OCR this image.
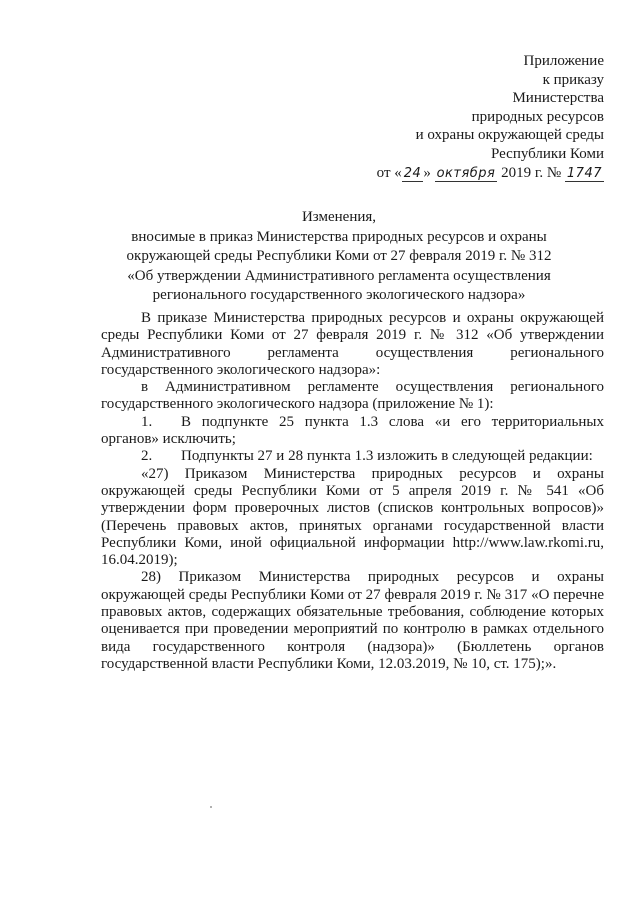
Приложение
к приказу
Министерства
природных ресурсов
и охраны окружающей среды
Республики Коми
от « 24 » октября 2019 г. № 1747
Изменения,
вносимые в приказ Министерства природных ресурсов и охраны
окружающей среды Республики Коми от 27 февраля 2019 г. № 312
«Об утверждении Административного регламента осуществления
регионального государственного экологического надзора»

В приказе Министерства природных ресурсов и охраны окружающей среды Республики Коми от 27 февраля 2019 г. № 312 «Об утверждении Административного регламента осуществления регионального государственного экологического надзора»:

в Административном регламенте осуществления регионального государственного экологического надзора (приложение № 1):

1. В подпункте 25 пункта 1.3 слова «и его территориальных органов» исключить;

2. Подпункты 27 и 28 пункта 1.3 изложить в следующей редакции:

«27) Приказом Министерства природных ресурсов и охраны окружающей среды Республики Коми от 5 апреля 2019 г. № 541 «Об утверждении форм проверочных листов (списков контрольных вопросов)» (Перечень правовых актов, принятых органами государственной власти Республики Коми, иной официальной информации http://www.law.rkomi.ru, 16.04.2019);

28) Приказом Министерства природных ресурсов и охраны окружающей среды Республики Коми от 27 февраля 2019 г. № 317 «О перечне правовых актов, содержащих обязательные требования, соблюдение которых оценивается при проведении мероприятий по контролю в рамках отдельного вида государственного контроля (надзора)» (Бюллетень органов государственной власти Республики Коми, 12.03.2019, № 10, ст. 175);».
